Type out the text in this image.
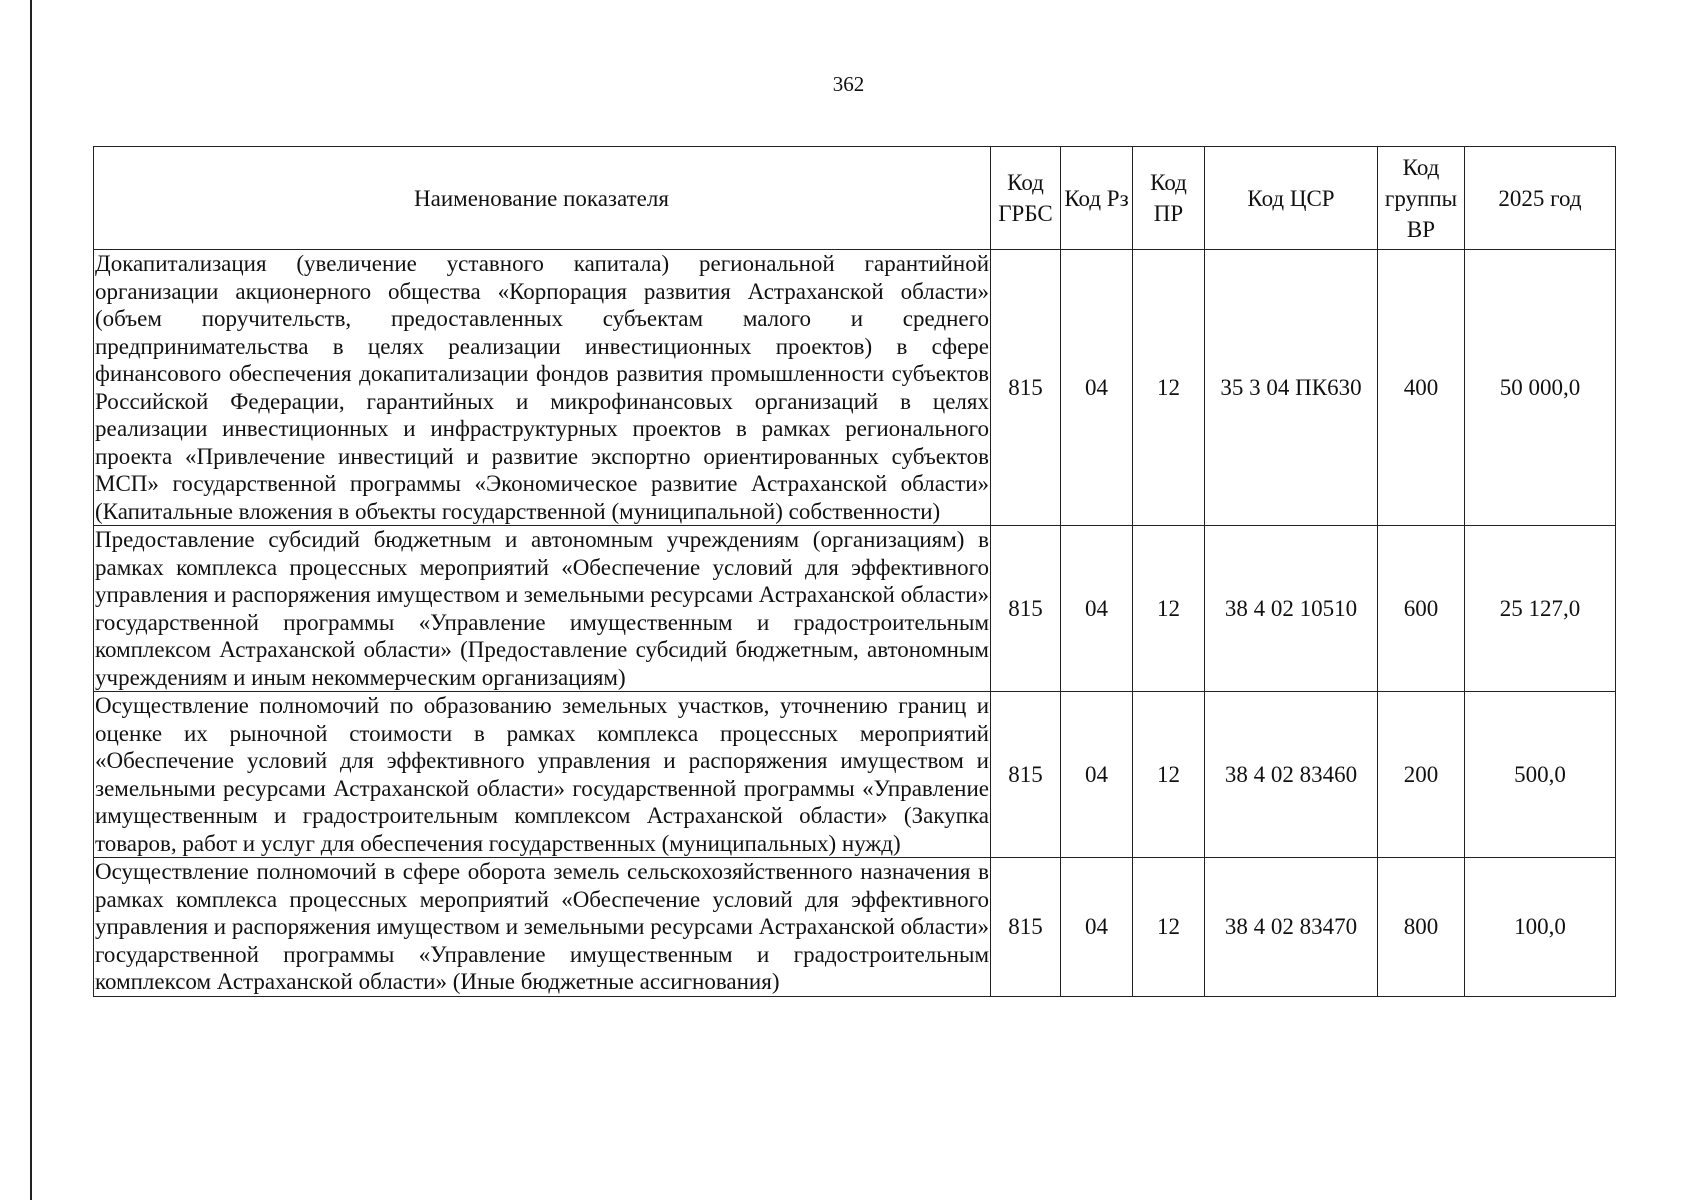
362
Наименование показателя	Код ГРБС	Код Рз	Код ПР	Код ЦСР	Код группы ВР	2025 год
Докапитализация (увеличение уставного капитала) региональной гарантийной организации акционерного общества «Корпорация развития Астраханской области» (объем поручительств, предоставленных субъектам малого и среднего предпринимательства в целях реализации инвестиционных проектов) в сфере финансового обеспечения докапитализации фондов развития промышленности субъектов Российской Федерации, гарантийных и микрофинансовых организаций в целях реализации инвестиционных и инфраструктурных проектов в рамках регионального проекта «Привлечение инвестиций и развитие экспортно ориентированных субъектов МСП» государственной программы «Экономическое развитие Астраханской области» (Капитальные вложения в объекты государственной (муниципальной) собственности)	815	04	12	35 3 04 ПК630	400	50 000,0
Предоставление субсидий бюджетным и автономным учреждениям (организациям) в рамках комплекса процессных мероприятий «Обеспечение условий для эффективного управления и распоряжения имуществом и земельными ресурсами Астраханской области» государственной программы «Управление имущественным и градостроительным комплексом Астраханской области» (Предоставление субсидий бюджетным, автономным учреждениям и иным некоммерческим организациям)	815	04	12	38 4 02 10510	600	25 127,0
Осуществление полномочий по образованию земельных участков, уточнению границ и оценке их рыночной стоимости в рамках комплекса процессных мероприятий «Обеспечение условий для эффективного управления и распоряжения имуществом и земельными ресурсами Астраханской области» государственной программы «Управление имущественным и градостроительным комплексом Астраханской области» (Закупка товаров, работ и услуг для обеспечения государственных (муниципальных) нужд)	815	04	12	38 4 02 83460	200	500,0
Осуществление полномочий в сфере оборота земель сельскохозяйственного назначения в рамках комплекса процессных мероприятий «Обеспечение условий для эффективного управления и распоряжения имуществом и земельными ресурсами Астраханской области» государственной программы «Управление имущественным и градостроительным комплексом Астраханской области» (Иные бюджетные ассигнования)	815	04	12	38 4 02 83470	800	100,0
